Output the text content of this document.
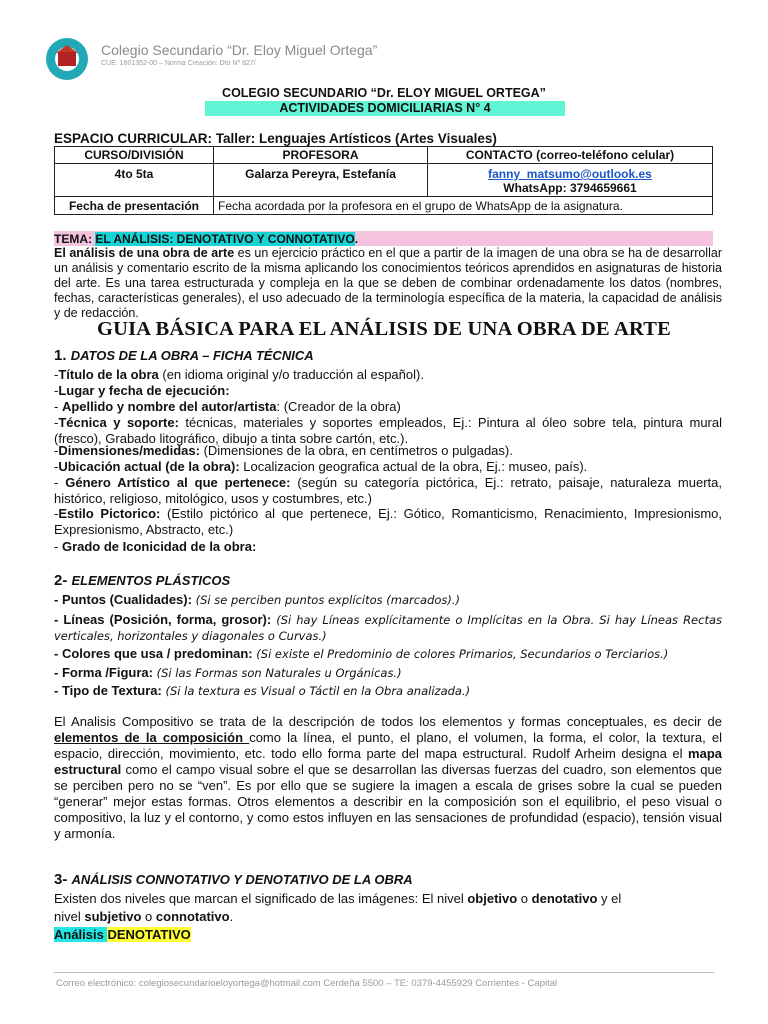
Colegio Secundario “Dr. Eloy Miguel Ortega”
CUE: 1801352-00 – Norma Creación: Dto Nº 827/
COLEGIO SECUNDARIO “Dr. ELOY MIGUEL ORTEGA”
ACTIVIDADES DOMICILIARIAS N° 4
ESPACIO CURRICULAR: Taller: Lenguajes Artísticos (Artes Visuales)
CURSO/DIVISIÓN	PROFESORA	CONTACTO (correo-teléfono celular)
4to 5ta	Galarza Pereyra, Estefanía	fanny_matsumo@outlook.es
WhatsApp: 3794659661

Fecha de presentación	Fecha acordada por la profesora en el grupo de WhatsApp de la asignatura.	
TEMA: EL ANÁLISIS: DENOTATIVO Y CONNOTATIVO.
El análisis de una obra de arte es un ejercicio práctico en el que a partir de la imagen de una obra se ha de desarrollar un análisis y comentario escrito de la misma aplicando los conocimientos teóricos aprendidos en asignaturas de historia del arte. Es una tarea estructurada y compleja en la que se deben de combinar ordenadamente los datos (nombres, fechas, características generales), el uso adecuado de la terminología específica de la materia, la capacidad de análisis y de redacción.
GUIA BÁSICA PARA EL ANÁLISIS DE UNA OBRA DE ARTE
1. DATOS DE LA OBRA – FICHA TÉCNICA
-Título de la obra (en idioma original y/o traducción al español).
-Lugar y fecha de ejecución:
- Apellido y nombre del autor/artista: (Creador de la obra)
-Técnica y soporte: técnicas, materiales y soportes empleados, Ej.: Pintura al óleo sobre tela, pintura mural (fresco), Grabado litográfico, dibujo a tinta sobre cartón, etc.).
-Dimensiones/medidas: (Dimensiones de la obra, en centímetros o pulgadas).
-Ubicación actual (de la obra): Localizacion geografica actual de la obra, Ej.: museo, país).
- Género Artístico al que pertenece: (según su categoría pictórica, Ej.: retrato, paisaje, naturaleza muerta, histórico, religioso, mitológico, usos y costumbres, etc.)
-Estilo Pictorico: (Estilo pictórico al que pertenece, Ej.: Gótico, Romanticismo, Renacimiento, Impresionismo, Expresionismo, Abstracto, etc.)
- Grado de Iconicidad de la obra:
2- ELEMENTOS PLÁSTICOS
- Puntos (Cualidades): (Si se perciben puntos explícitos (marcados).)
- Líneas (Posición, forma, grosor): (Si hay Líneas explícitamente o Implícitas en la Obra. Si hay Líneas Rectas verticales, horizontales y diagonales o Curvas.)
- Colores que usa / predominan: (Si existe el Predominio de colores Primarios, Secundarios o Terciarios.)
- Forma /Figura: (Si las Formas son Naturales u Orgánicas.)
- Tipo de Textura: (Si la textura es Visual o Táctil en la Obra analizada.)
El Analisis Compositivo se trata de la descripción de todos los elementos y formas conceptuales, es decir de elementos de la composición como la línea, el punto, el plano, el volumen, la forma, el color, la textura, el espacio, dirección, movimiento, etc. todo ello forma parte del mapa estructural. Rudolf Arheim designa el mapa estructural como el campo visual sobre el que se desarrollan las diversas fuerzas del cuadro, son elementos que se perciben pero no se “ven”. Es por ello que se sugiere la imagen a escala de grises sobre la cual se pueden “generar” mejor estas formas. Otros elementos a describir en la composición son el equilibrio, el peso visual o compositivo, la luz y el contorno, y como estos influyen en las sensaciones de profundidad (espacio), tensión visual y armonía.
3- ANÁLISIS CONNOTATIVO Y DENOTATIVO DE LA OBRA
Existen dos niveles que marcan el significado de las imágenes: El nivel objetivo o denotativo y el
nivel subjetivo o connotativo.
Análisis DENOTATIVO
Correo electrónico: colegiosecundarioeloyortega@hotmail.com Cerdeña 5500 – TE: 0379-4455929 Corrientes - Capital
